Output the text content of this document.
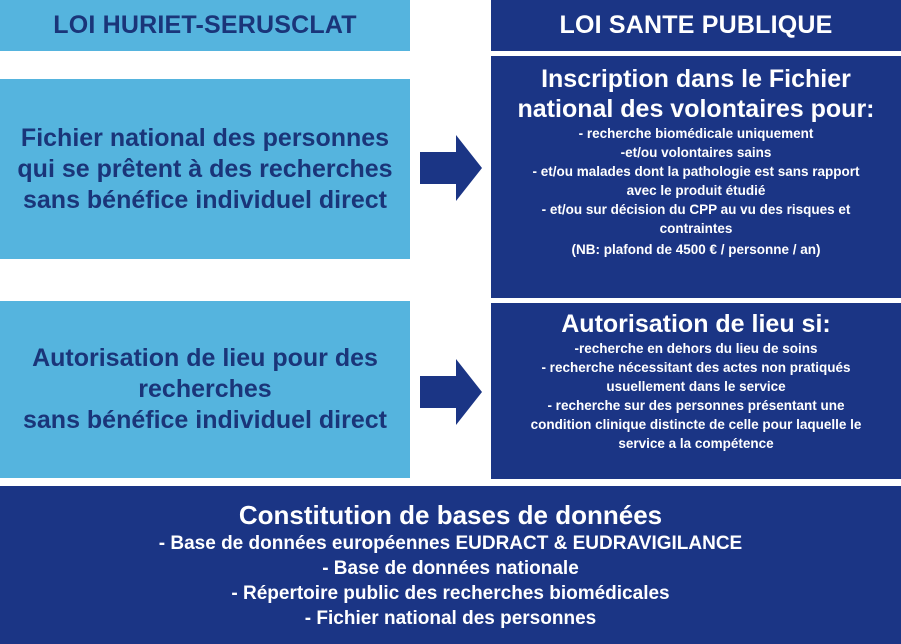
LOI HURIET-SERUSCLAT	LOI SANTE PUBLIQUE
Fichier national des personnes
qui se prêtent à des recherches
sans bénéfice individuel direct
Inscription dans le Fichier
national des volontaires pour:
- recherche biomédicale uniquement
-et/ou volontaires sains
- et/ou malades dont la pathologie est sans rapport
avec le produit étudié
- et/ou sur décision du CPP au vu des risques et
contraintes
(NB: plafond de 4500 € / personne / an)
Autorisation de lieu pour des
recherches
sans bénéfice individuel direct
Autorisation de lieu si:
-recherche en dehors du lieu de soins
- recherche nécessitant des actes non pratiqués
usuellement dans le service
- recherche sur des personnes présentant une
condition clinique distincte de celle pour laquelle le
service a la compétence
Constitution de bases de données
- Base de données européennes EUDRACT & EUDRAVIGILANCE
- Base de données nationale
- Répertoire public des recherches biomédicales
- Fichier national des personnes
